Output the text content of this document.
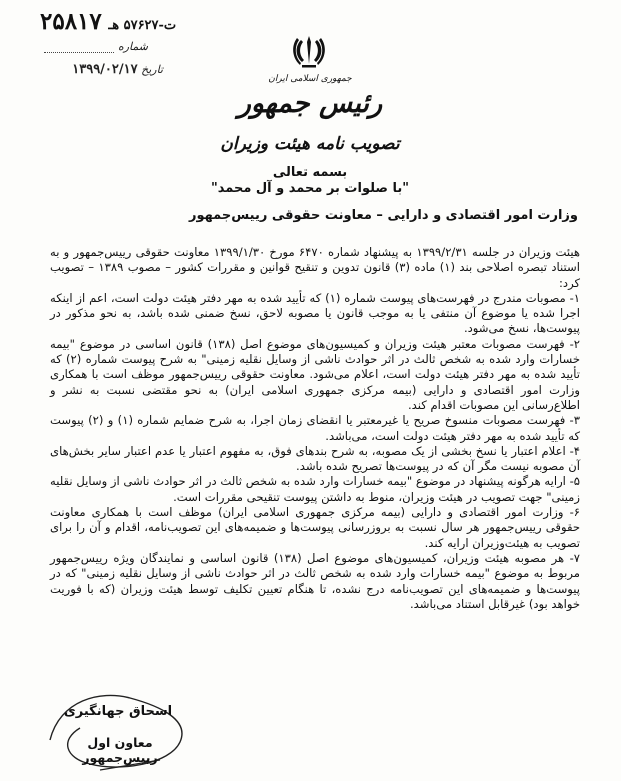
ت-۵۷۶۲۷ هـ ۲۵۸۱۷
شماره
تاریخ ۱۳۹۹/۰۲/۱۷
جمهوری اسلامی ایران
رئیس جمهور
تصویب نامه هیئت وزیران
بسمه تعالی
"با صلوات بر محمد و آل محمد"
وزارت امور اقتصادی و دارایی – معاونت حقوقی رییس‌جمهور

هیئت وزیران در جلسه ۱۳۹۹/۲/۳۱ به پیشنهاد شماره ۶۴۷۰ مورخ ۱۳۹۹/۱/۳۰ معاونت حقوقی رییس‌جمهور و به استناد تبصره اصلاحی بند (۱) ماده (۳) قانون تدوین و تنقیح قوانین و مقررات کشور – مصوب ۱۳۸۹ – تصویب کرد:

۱- مصوبات مندرج در فهرست‌های پیوست شماره (۱) که تأیید شده به مهر دفتر هیئت دولت است، اعم از اینکه اجرا شده یا موضوع آن منتفی یا به موجب قانون یا مصوبه لاحق، نسخ ضمنی شده باشد، به نحو مذکور در پیوست‌ها، نسخ می‌شود.

۲- فهرست مصوبات معتبر هیئت وزیران و کمیسیون‌های موضوع اصل (۱۳۸) قانون اساسی در موضوع "بیمه خسارات وارد شده به شخص ثالث در اثر حوادث ناشی از وسایل نقلیه زمینی" به شرح پیوست شماره (۲) که تأیید شده به مهر دفتر هیئت دولت است، اعلام می‌شود. معاونت حقوقی رییس‌جمهور موظف است با همکاری وزارت امور اقتصادی و دارایی (بیمه مرکزی جمهوری اسلامی ایران) به نحو مقتضی نسبت به نشر و اطلاع‌رسانی این مصوبات اقدام کند.

۳- فهرست مصوبات منسوخ صریح یا غیرمعتبر یا انقضای زمان اجرا، به شرح ضمایم شماره (۱) و (۲) پیوست که تأیید شده به مهر دفتر هیئت دولت است، می‌باشد.

۴- اعلام اعتبار یا نسخ بخشی از یک مصوبه، به شرح بندهای فوق، به مفهوم اعتبار یا عدم اعتبار سایر بخش‌های آن مصوبه نیست مگر آن که در پیوست‌ها تصریح شده باشد.

۵- ارایه هرگونه پیشنهاد در موضوع "بیمه خسارات وارد شده به شخص ثالث در اثر حوادث ناشی از وسایل نقلیه زمینی" جهت تصویب در هیئت وزیران، منوط به داشتن پیوست تنقیحی مقررات است.

۶- وزارت امور اقتصادی و دارایی (بیمه مرکزی جمهوری اسلامی ایران) موظف است با همکاری معاونت حقوقی رییس‌جمهور هر سال نسبت به بروزرسانی پیوست‌ها و ضمیمه‌های این تصویب‌نامه، اقدام و آن را برای تصویب به هیئت‌وزیران ارایه کند.

۷- هر مصوبه هیئت وزیران، کمیسیون‌های موضوع اصل (۱۳۸) قانون اساسی و نمایندگان ویژه رییس‌جمهور مربوط به موضوع "بیمه خسارات وارد شده به شخص ثالث در اثر حوادث ناشی از وسایل نقلیه زمینی" که در پیوست‌ها و ضمیمه‌های این تصویب‌نامه درج نشده، تا هنگام تعیین تکلیف توسط هیئت وزیران (که با فوریت خواهد بود) غیرقابل استناد می‌باشد.

اسحاق جهانگیری
معاون اول رییس‌جمهور
